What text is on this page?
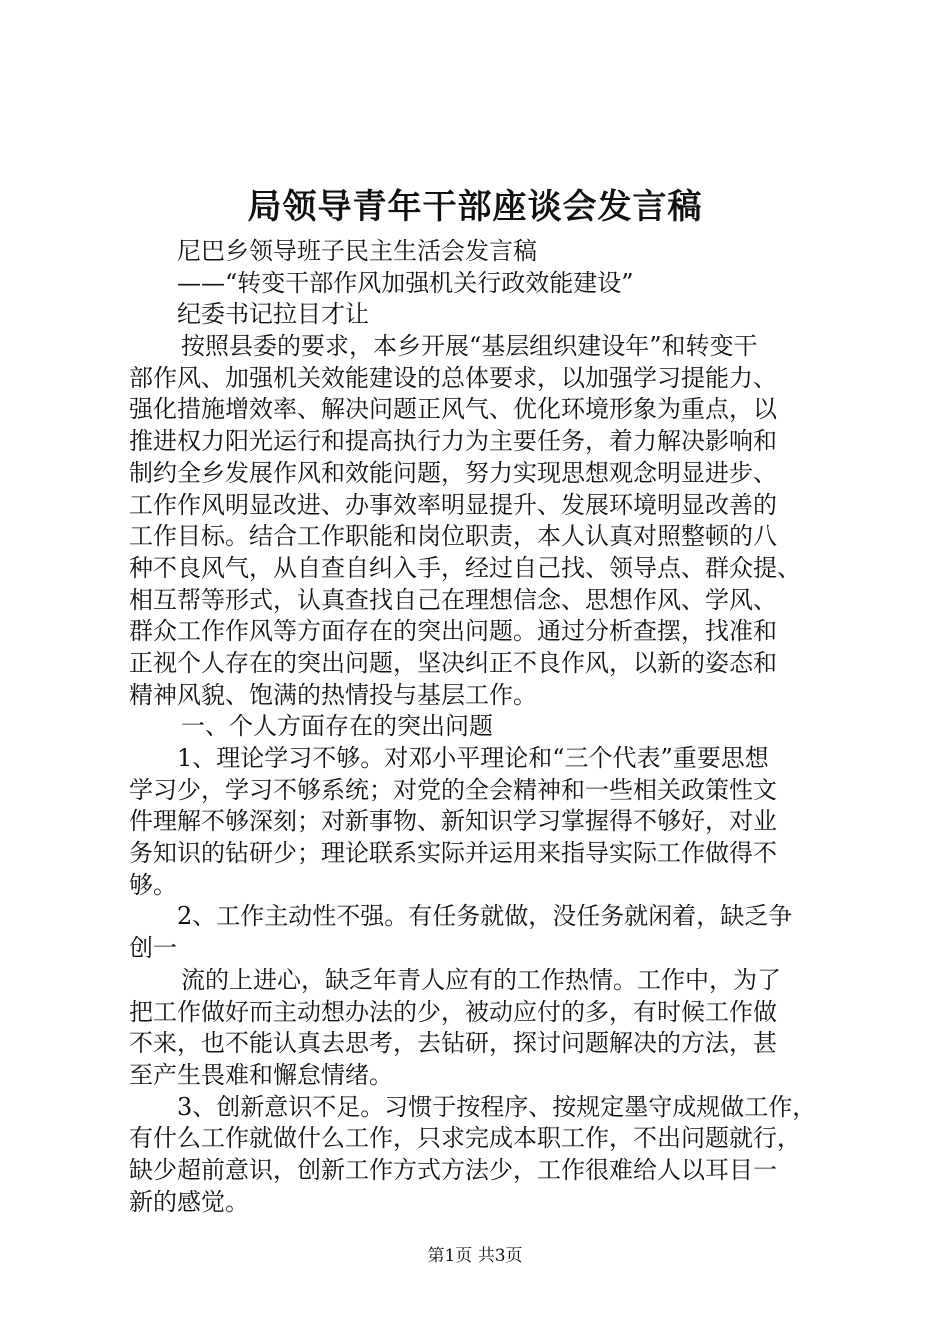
局领导青年干部座谈会发言稿

尼巴乡领导班子民主生活会发言稿

——“转变干部作风加强机关行政效能建设”

纪委书记拉目才让

按照县委的要求，本乡开展“基层组织建设年”和转变干

部作风、加强机关效能建设的总体要求，以加强学习提能力、

强化措施增效率、解决问题正风气、优化环境形象为重点，以

推进权力阳光运行和提高执行力为主要任务，着力解决影响和

制约全乡发展作风和效能问题，努力实现思想观念明显进步、

工作作风明显改进、办事效率明显提升、发展环境明显改善的

工作目标。结合工作职能和岗位职责，本人认真对照整顿的八

种不良风气，从自查自纠入手，经过自己找、领导点、群众提、

相互帮等形式，认真查找自己在理想信念、思想作风、学风、

群众工作作风等方面存在的突出问题。通过分析查摆，找准和

正视个人存在的突出问题，坚决纠正不良作风，以新的姿态和

精神风貌、饱满的热情投与基层工作。

一、个人方面存在的突出问题

1、理论学习不够。对邓小平理论和“三个代表”重要思想

学习少，学习不够系统；对党的全会精神和一些相关政策性文

件理解不够深刻；对新事物、新知识学习掌握得不够好，对业

务知识的钻研少；理论联系实际并运用来指导实际工作做得不

够。

2、工作主动性不强。有任务就做，没任务就闲着，缺乏争

创一

流的上进心，缺乏年青人应有的工作热情。工作中，为了

把工作做好而主动想办法的少，被动应付的多，有时候工作做

不来，也不能认真去思考，去钻研，探讨问题解决的方法，甚

至产生畏难和懈怠情绪。

3、创新意识不足。习惯于按程序、按规定墨守成规做工作，

有什么工作就做什么工作，只求完成本职工作，不出问题就行，

缺少超前意识，创新工作方式方法少，工作很难给人以耳目一

新的感觉。

第1页 共3页
